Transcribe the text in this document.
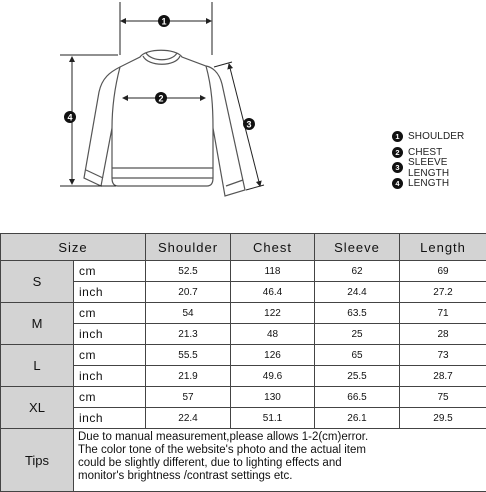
1
2
3
4
1 SHOULDER
2 CHEST
3 SLEEVE LENGTH
4 LENGTH
Size		Shoulder	Chest	Sleeve	Length
S	cm	52.5	118	62	69
	inch	20.7	46.4	24.4	27.2
M	cm	54	122	63.5	71
	inch	21.3	48	25	28
L	cm	55.5	126	65	73
	inch	21.9	49.6	25.5	28.7
XL	cm	57	130	66.5	75
	inch	22.4	51.1	26.1	29.5
Tips	Due to manual measurement,please allows 1-2(cm)error.
The color tone of the website's photo and the actual item
could be slightly different, due to lighting effects and
monitor's brightness /contrast settings etc.				
